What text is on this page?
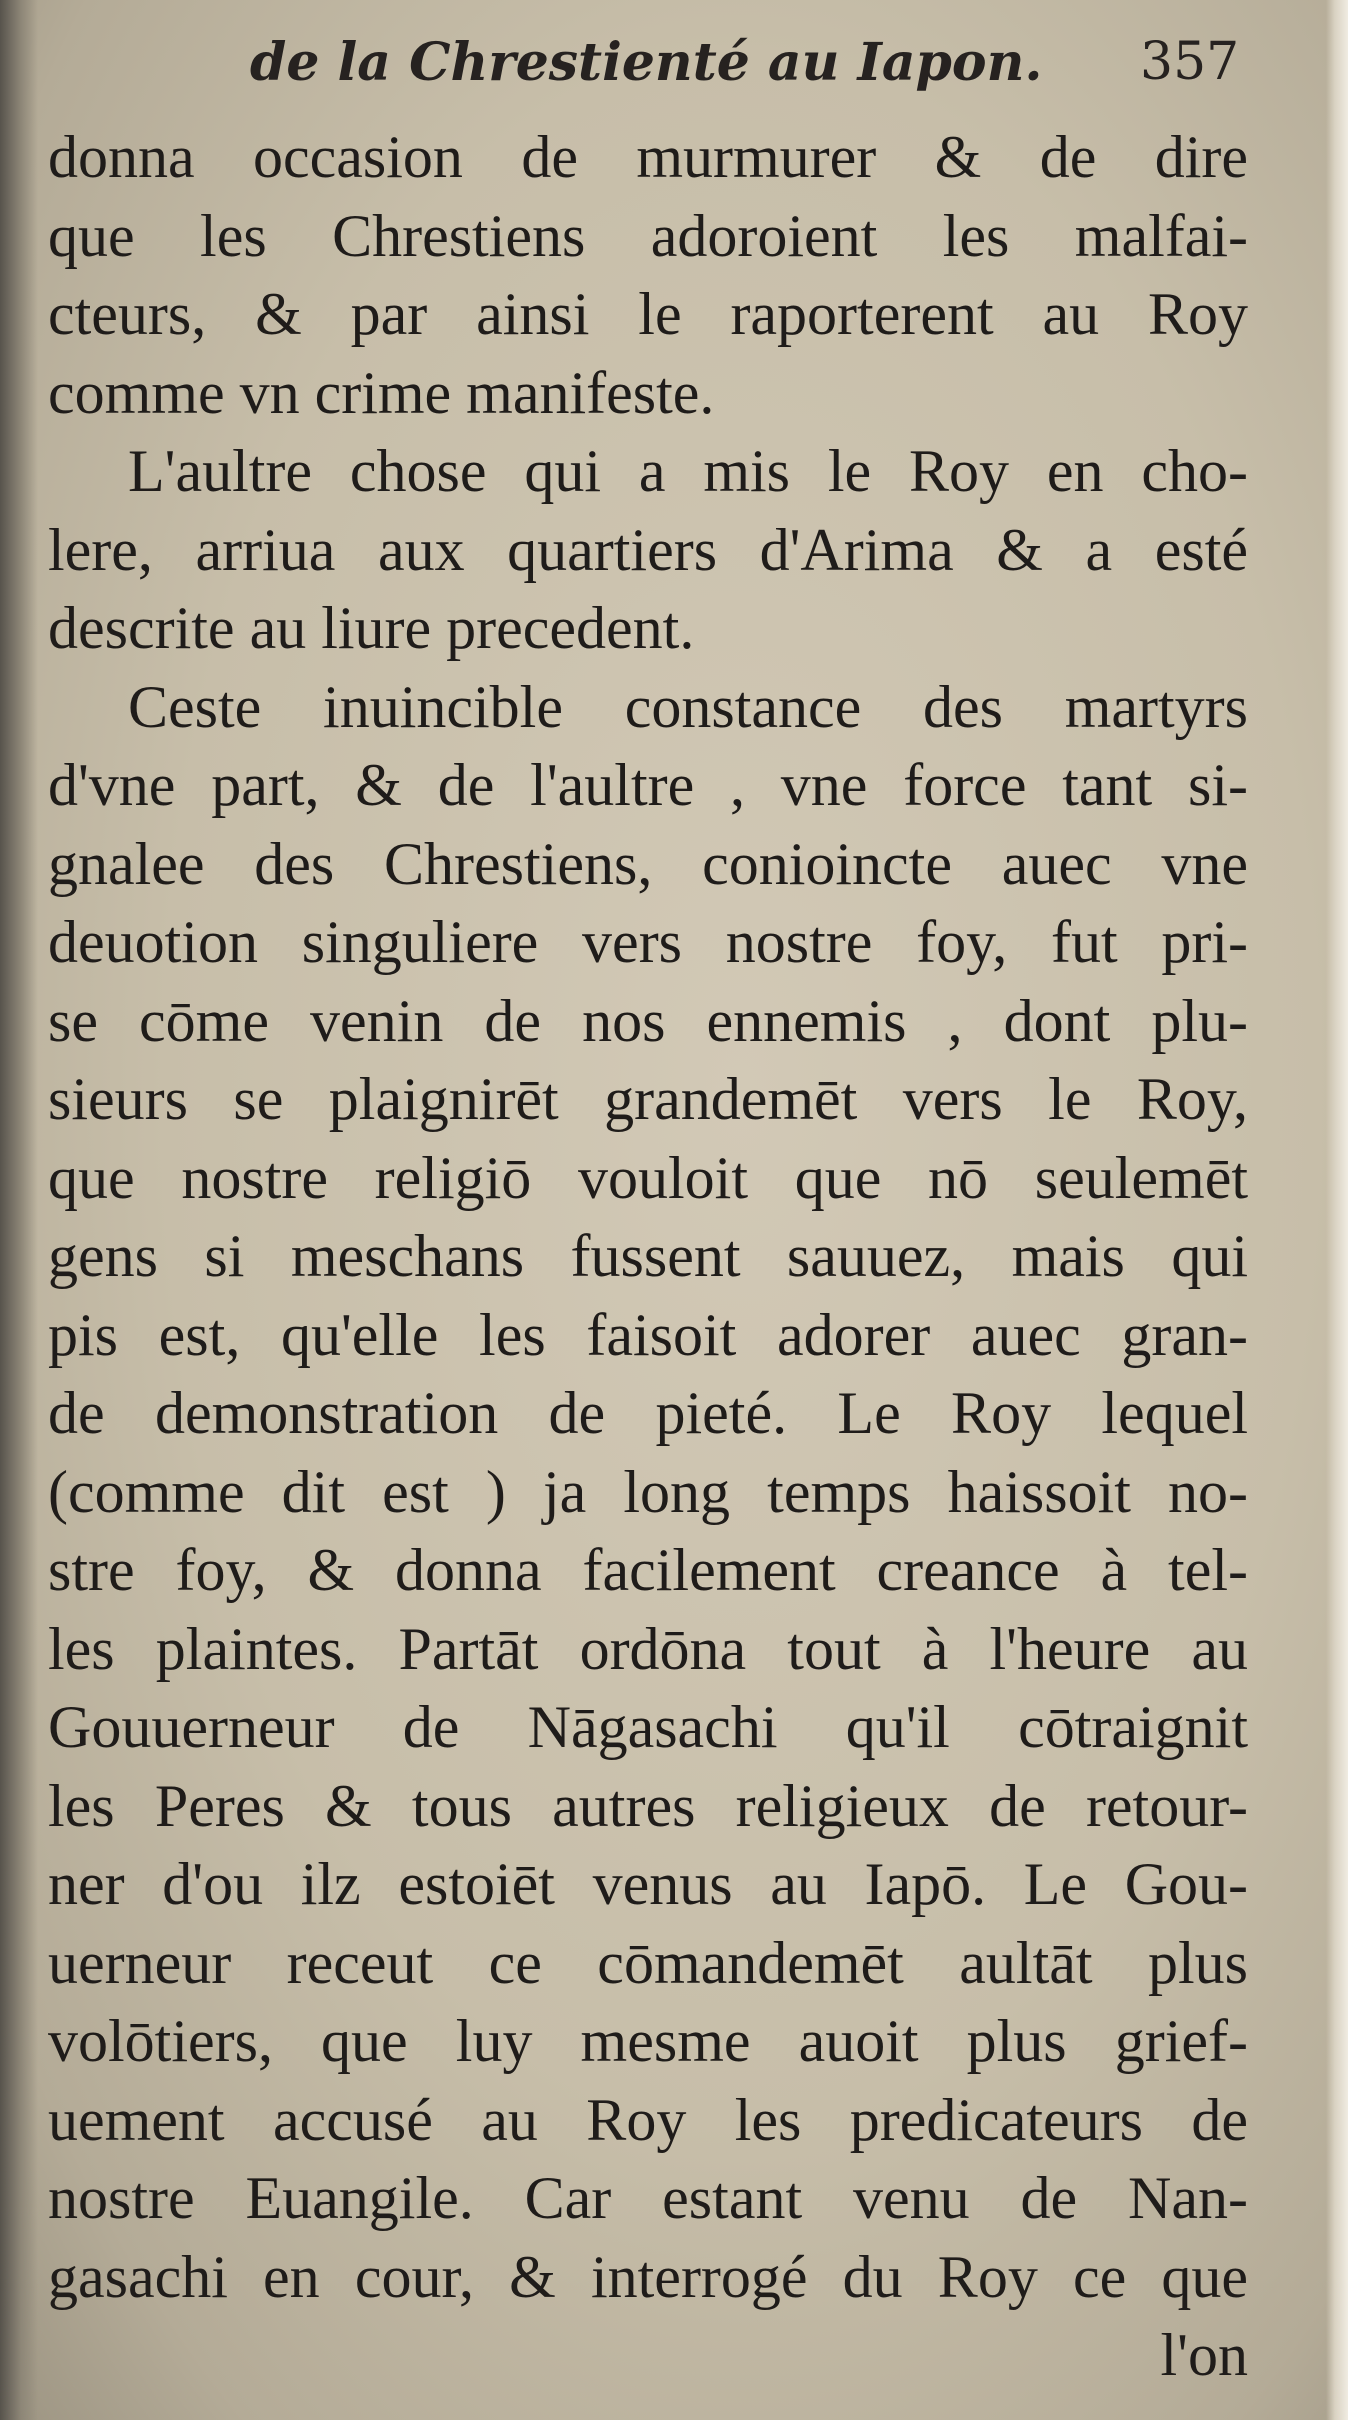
de la Chrestienté au Iapon. 357
donna occasion de murmurer & de dire
que les Chrestiens adoroient les malfai-
cteurs, & par ainsi le raporterent au Roy
comme vn crime manifeste.
L'aultre chose qui a mis le Roy en cho-
lere, arriua aux quartiers d'Arima & a esté
descrite au liure precedent.
Ceste inuincible constance des martyrs
d'vne part, & de l'aultre , vne force tant si-
gnalee des Chrestiens, conioincte auec vne
deuotion singuliere vers nostre foy, fut pri-
se cōme venin de nos ennemis , dont plu-
sieurs se plaignirēt grandemēt vers le Roy,
que nostre religiō vouloit que nō seulemēt
gens si meschans fussent sauuez, mais qui
pis est, qu'elle les faisoit adorer auec gran-
de demonstration de pieté. Le Roy lequel
(comme dit est ) ja long temps haissoit no-
stre foy, & donna facilement creance à tel-
les plaintes. Partāt ordōna tout à l'heure au
Gouuerneur de Nāgasachi qu'il cōtraignit
les Peres & tous autres religieux de retour-
ner d'ou ilz estoiēt venus au Iapō. Le Gou-
uerneur receut ce cōmandemēt aultāt plus
volōtiers, que luy mesme auoit plus grief-
uement accusé au Roy les predicateurs de
nostre Euangile. Car estant venu de Nan-
gasachi en cour, & interrogé du Roy ce que
l'on
